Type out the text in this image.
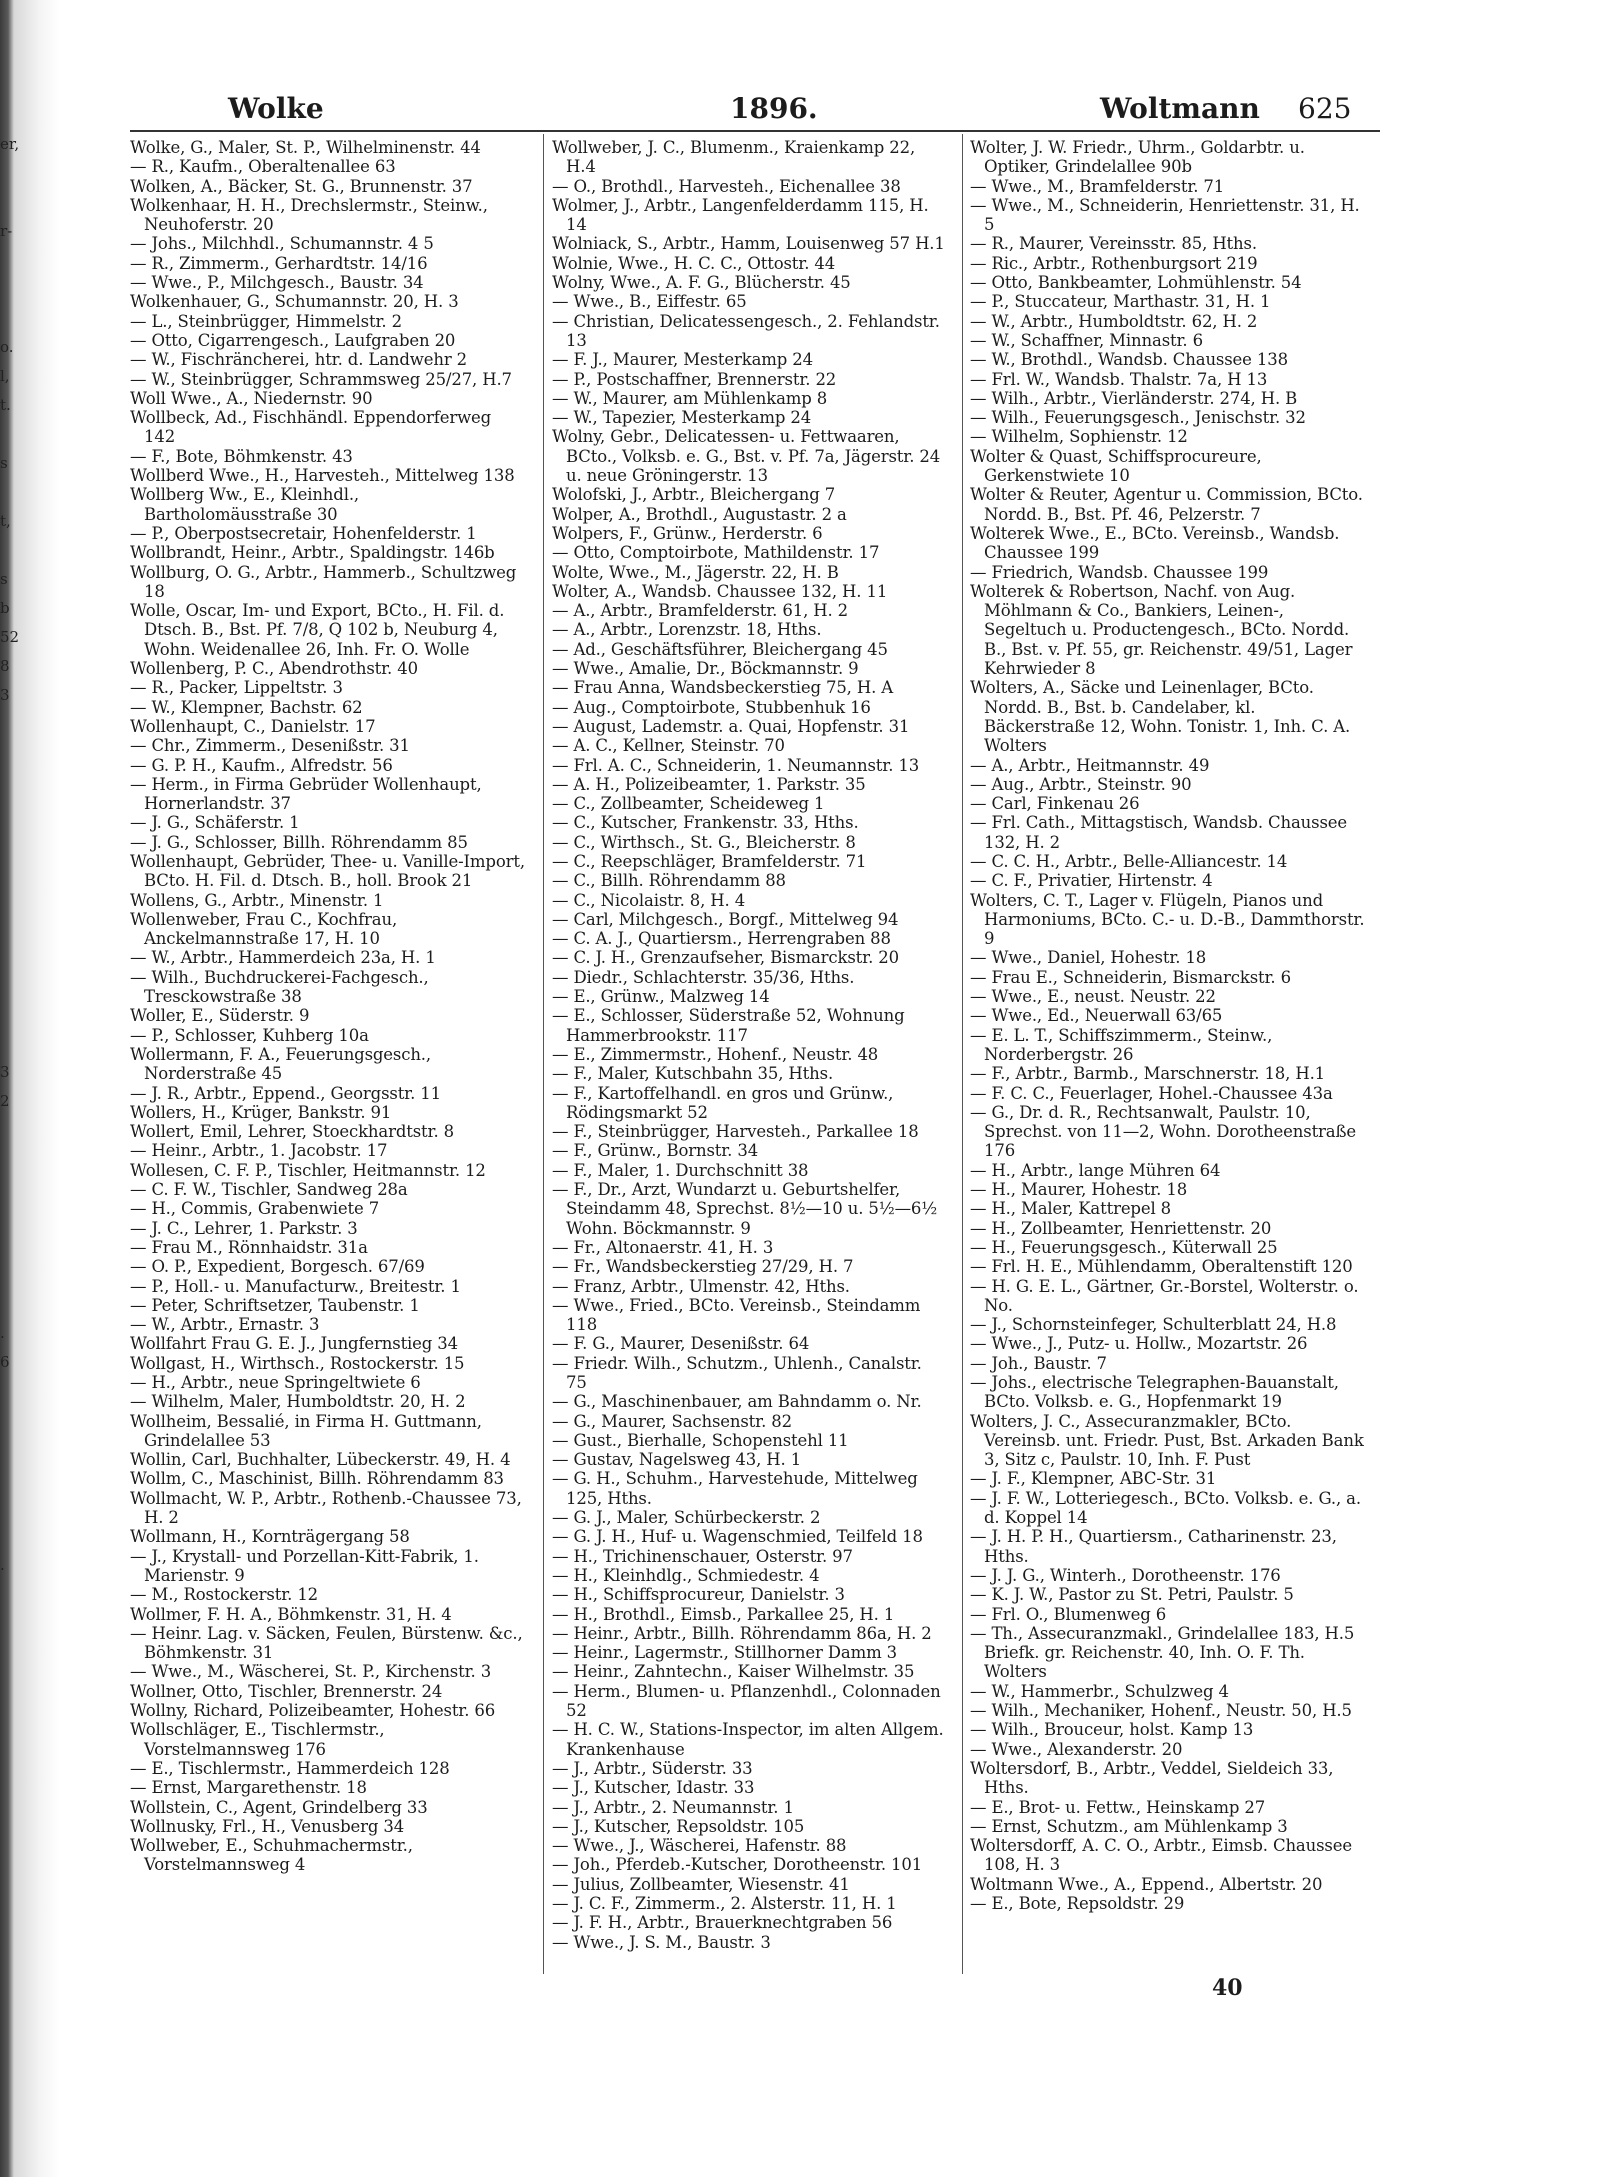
er,
r-
o.
l,
t.
s
t,
s
b
52
8
3
3
2
.
6
.
Wolke	1896.	Woltmann 625

Wolke, G., Maler, St. P., Wilhelminenstr. 44

— R., Kaufm., Oberaltenallee 63

Wolken, A., Bäcker, St. G., Brunnenstr. 37

Wolkenhaar, H. H., Drechslermstr., Steinw., Neuhoferstr. 20

— Johs., Milchhdl., Schumannstr. 4 5

— R., Zimmerm., Gerhardtstr. 14/16

— Wwe., P., Milchgesch., Baustr. 34

Wolkenhauer, G., Schumannstr. 20, H. 3

— L., Steinbrügger, Himmelstr. 2

— Otto, Cigarrengesch., Laufgraben 20

— W., Fischräncherei, htr. d. Landwehr 2

— W., Steinbrügger, Schrammsweg 25/27, H.7

Woll Wwe., A., Niedernstr. 90

Wollbeck, Ad., Fischhändl. Eppendorferweg 142

— F., Bote, Böhmkenstr. 43

Wollberd Wwe., H., Harvesteh., Mittelweg 138

Wollberg Ww., E., Kleinhdl., Bartholomäusstraße 30

— P., Oberpostsecretair, Hohenfelderstr. 1

Wollbrandt, Heinr., Arbtr., Spaldingstr. 146b

Wollburg, O. G., Arbtr., Hammerb., Schultzweg 18

Wolle, Oscar, Im- und Export, BCto., H. Fil. d. Dtsch. B., Bst. Pf. 7/8, Q 102 b, Neuburg 4, Wohn. Weidenallee 26, Inh. Fr. O. Wolle

Wollenberg, P. C., Abendrothstr. 40

— R., Packer, Lippeltstr. 3

— W., Klempner, Bachstr. 62

Wollenhaupt, C., Danielstr. 17

— Chr., Zimmerm., Desenißstr. 31

— G. P. H., Kaufm., Alfredstr. 56

— Herm., in Firma Gebrüder Wollenhaupt, Hornerlandstr. 37

— J. G., Schäferstr. 1

— J. G., Schlosser, Billh. Röhrendamm 85

Wollenhaupt, Gebrüder, Thee- u. Vanille-Import, BCto. H. Fil. d. Dtsch. B., holl. Brook 21

Wollens, G., Arbtr., Minenstr. 1

Wollenweber, Frau C., Kochfrau, Anckelmannstraße 17, H. 10

— W., Arbtr., Hammerdeich 23a, H. 1

— Wilh., Buchdruckerei-Fachgesch., Tresckowstraße 38

Woller, E., Süderstr. 9

— P., Schlosser, Kuhberg 10a

Wollermann, F. A., Feuerungsgesch., Norderstraße 45

— J. R., Arbtr., Eppend., Georgsstr. 11

Wollers, H., Krüger, Bankstr. 91

Wollert, Emil, Lehrer, Stoeckhardtstr. 8

— Heinr., Arbtr., 1. Jacobstr. 17

Wollesen, C. F. P., Tischler, Heitmannstr. 12

— C. F. W., Tischler, Sandweg 28a

— H., Commis, Grabenwiete 7

— J. C., Lehrer, 1. Parkstr. 3

— Frau M., Rönnhaidstr. 31a

— O. P., Expedient, Borgesch. 67/69

— P., Holl.- u. Manufacturw., Breitestr. 1

— Peter, Schriftsetzer, Taubenstr. 1

— W., Arbtr., Ernastr. 3

Wollfahrt Frau G. E. J., Jungfernstieg 34

Wollgast, H., Wirthsch., Rostockerstr. 15

— H., Arbtr., neue Springeltwiete 6

— Wilhelm, Maler, Humboldtstr. 20, H. 2

Wollheim, Bessalié, in Firma H. Guttmann, Grindelallee 53

Wollin, Carl, Buchhalter, Lübeckerstr. 49, H. 4

Wollm, C., Maschinist, Billh. Röhrendamm 83

Wollmacht, W. P., Arbtr., Rothenb.-Chaussee 73, H. 2

Wollmann, H., Kornträgergang 58

— J., Krystall- und Porzellan-Kitt-Fabrik, 1. Marienstr. 9

— M., Rostockerstr. 12

Wollmer, F. H. A., Böhmkenstr. 31, H. 4

— Heinr. Lag. v. Säcken, Feulen, Bürstenw. &c., Böhmkenstr. 31

— Wwe., M., Wäscherei, St. P., Kirchenstr. 3

Wollner, Otto, Tischler, Brennerstr. 24

Wollny, Richard, Polizeibeamter, Hohestr. 66

Wollschläger, E., Tischlermstr., Vorstelmannsweg 176

— E., Tischlermstr., Hammerdeich 128

— Ernst, Margarethenstr. 18

Wollstein, C., Agent, Grindelberg 33

Wollnusky, Frl., H., Venusberg 34

Wollweber, E., Schuhmachermstr., Vorstelmannsweg 4

Wollweber, J. C., Blumenm., Kraienkamp 22, H.4

— O., Brothdl., Harvesteh., Eichenallee 38

Wolmer, J., Arbtr., Langenfelderdamm 115, H. 14

Wolniack, S., Arbtr., Hamm, Louisenweg 57 H.1

Wolnie, Wwe., H. C. C., Ottostr. 44

Wolny, Wwe., A. F. G., Blücherstr. 45

— Wwe., B., Eiffestr. 65

— Christian, Delicatessengesch., 2. Fehlandstr. 13

— F. J., Maurer, Mesterkamp 24

— P., Postschaffner, Brennerstr. 22

— W., Maurer, am Mühlenkamp 8

— W., Tapezier, Mesterkamp 24

Wolny, Gebr., Delicatessen- u. Fettwaaren, BCto., Volksb. e. G., Bst. v. Pf. 7a, Jägerstr. 24 u. neue Gröningerstr. 13

Wolofski, J., Arbtr., Bleichergang 7

Wolper, A., Brothdl., Augustastr. 2 a

Wolpers, F., Grünw., Herderstr. 6

— Otto, Comptoirbote, Mathildenstr. 17

Wolte, Wwe., M., Jägerstr. 22, H. B

Wolter, A., Wandsb. Chaussee 132, H. 11

— A., Arbtr., Bramfelderstr. 61, H. 2

— A., Arbtr., Lorenzstr. 18, Hths.

— Ad., Geschäftsführer, Bleichergang 45

— Wwe., Amalie, Dr., Böckmannstr. 9

— Frau Anna, Wandsbeckerstieg 75, H. A

— Aug., Comptoirbote, Stubbenhuk 16

— August, Lademstr. a. Quai, Hopfenstr. 31

— A. C., Kellner, Steinstr. 70

— Frl. A. C., Schneiderin, 1. Neumannstr. 13

— A. H., Polizeibeamter, 1. Parkstr. 35

— C., Zollbeamter, Scheideweg 1

— C., Kutscher, Frankenstr. 33, Hths.

— C., Wirthsch., St. G., Bleicherstr. 8

— C., Reepschläger, Bramfelderstr. 71

— C., Billh. Röhrendamm 88

— C., Nicolaistr. 8, H. 4

— Carl, Milchgesch., Borgf., Mittelweg 94

— C. A. J., Quartiersm., Herrengraben 88

— C. J. H., Grenzaufseher, Bismarckstr. 20

— Diedr., Schlachterstr. 35/36, Hths.

— E., Grünw., Malzweg 14

— E., Schlosser, Süderstraße 52, Wohnung Hammerbrookstr. 117

— E., Zimmermstr., Hohenf., Neustr. 48

— F., Maler, Kutschbahn 35, Hths.

— F., Kartoffelhandl. en gros und Grünw., Rödingsmarkt 52

— F., Steinbrügger, Harvesteh., Parkallee 18

— F., Grünw., Bornstr. 34

— F., Maler, 1. Durchschnitt 38

— F., Dr., Arzt, Wundarzt u. Geburtshelfer, Steindamm 48, Sprechst. 8½—10 u. 5½—6½ Wohn. Böckmannstr. 9

— Fr., Altonaerstr. 41, H. 3

— Fr., Wandsbeckerstieg 27/29, H. 7

— Franz, Arbtr., Ulmenstr. 42, Hths.

— Wwe., Fried., BCto. Vereinsb., Steindamm 118

— F. G., Maurer, Desenißstr. 64

— Friedr. Wilh., Schutzm., Uhlenh., Canalstr. 75

— G., Maschinenbauer, am Bahndamm o. Nr.

— G., Maurer, Sachsenstr. 82

— Gust., Bierhalle, Schopenstehl 11

— Gustav, Nagelsweg 43, H. 1

— G. H., Schuhm., Harvestehude, Mittelweg 125, Hths.

— G. J., Maler, Schürbeckerstr. 2

— G. J. H., Huf- u. Wagenschmied, Teilfeld 18

— H., Trichinenschauer, Osterstr. 97

— H., Kleinhdlg., Schmiedestr. 4

— H., Schiffsprocureur, Danielstr. 3

— H., Brothdl., Eimsb., Parkallee 25, H. 1

— Heinr., Arbtr., Billh. Röhrendamm 86a, H. 2

— Heinr., Lagermstr., Stillhorner Damm 3

— Heinr., Zahntechn., Kaiser Wilhelmstr. 35

— Herm., Blumen- u. Pflanzenhdl., Colonnaden 52

— H. C. W., Stations-Inspector, im alten Allgem. Krankenhause

— J., Arbtr., Süderstr. 33

— J., Kutscher, Idastr. 33

— J., Arbtr., 2. Neumannstr. 1

— J., Kutscher, Repsoldstr. 105

— Wwe., J., Wäscherei, Hafenstr. 88

— Joh., Pferdeb.-Kutscher, Dorotheenstr. 101

— Julius, Zollbeamter, Wiesenstr. 41

— J. C. F., Zimmerm., 2. Alsterstr. 11, H. 1

— J. F. H., Arbtr., Brauerknechtgraben 56

— Wwe., J. S. M., Baustr. 3

Wolter, J. W. Friedr., Uhrm., Goldarbtr. u. Optiker, Grindelallee 90b

— Wwe., M., Bramfelderstr. 71

— Wwe., M., Schneiderin, Henriettenstr. 31, H. 5

— R., Maurer, Vereinsstr. 85, Hths.

— Ric., Arbtr., Rothenburgsort 219

— Otto, Bankbeamter, Lohmühlenstr. 54

— P., Stuccateur, Marthastr. 31, H. 1

— W., Arbtr., Humboldtstr. 62, H. 2

— W., Schaffner, Minnastr. 6

— W., Brothdl., Wandsb. Chaussee 138

— Frl. W., Wandsb. Thalstr. 7a, H 13

— Wilh., Arbtr., Vierländerstr. 274, H. B

— Wilh., Feuerungsgesch., Jenischstr. 32

— Wilhelm, Sophienstr. 12

Wolter & Quast, Schiffsprocureure, Gerkenstwiete 10

Wolter & Reuter, Agentur u. Commission, BCto. Nordd. B., Bst. Pf. 46, Pelzerstr. 7

Wolterek Wwe., E., BCto. Vereinsb., Wandsb. Chaussee 199

— Friedrich, Wandsb. Chaussee 199

Wolterek & Robertson, Nachf. von Aug. Möhlmann & Co., Bankiers, Leinen-, Segeltuch u. Productengesch., BCto. Nordd. B., Bst. v. Pf. 55, gr. Reichenstr. 49/51, Lager Kehrwieder 8

Wolters, A., Säcke und Leinenlager, BCto. Nordd. B., Bst. b. Candelaber, kl. Bäckerstraße 12, Wohn. Tonistr. 1, Inh. C. A. Wolters

— A., Arbtr., Heitmannstr. 49

— Aug., Arbtr., Steinstr. 90

— Carl, Finkenau 26

— Frl. Cath., Mittagstisch, Wandsb. Chaussee 132, H. 2

— C. C. H., Arbtr., Belle-Alliancestr. 14

— C. F., Privatier, Hirtenstr. 4

Wolters, C. T., Lager v. Flügeln, Pianos und Harmoniums, BCto. C.- u. D.-B., Dammthorstr. 9

— Wwe., Daniel, Hohestr. 18

— Frau E., Schneiderin, Bismarckstr. 6

— Wwe., E., neust. Neustr. 22

— Wwe., Ed., Neuerwall 63/65

— E. L. T., Schiffszimmerm., Steinw., Norderbergstr. 26

— F., Arbtr., Barmb., Marschnerstr. 18, H.1

— F. C. C., Feuerlager, Hohel.-Chaussee 43a

— G., Dr. d. R., Rechtsanwalt, Paulstr. 10, Sprechst. von 11—2, Wohn. Dorotheenstraße 176

— H., Arbtr., lange Mühren 64

— H., Maurer, Hohestr. 18

— H., Maler, Kattrepel 8

— H., Zollbeamter, Henriettenstr. 20

— H., Feuerungsgesch., Küterwall 25

— Frl. H. E., Mühlendamm, Oberaltenstift 120

— H. G. E. L., Gärtner, Gr.-Borstel, Wolterstr. o. No.

— J., Schornsteinfeger, Schulterblatt 24, H.8

— Wwe., J., Putz- u. Hollw., Mozartstr. 26

— Joh., Baustr. 7

— Johs., electrische Telegraphen-Bauanstalt, BCto. Volksb. e. G., Hopfenmarkt 19

Wolters, J. C., Assecuranzmakler, BCto. Vereinsb. unt. Friedr. Pust, Bst. Arkaden Bank 3, Sitz c, Paulstr. 10, Inh. F. Pust

— J. F., Klempner, ABC-Str. 31

— J. F. W., Lotteriegesch., BCto. Volksb. e. G., a. d. Koppel 14

— J. H. P. H., Quartiersm., Catharinenstr. 23, Hths.

— J. J. G., Winterh., Dorotheenstr. 176

— K. J. W., Pastor zu St. Petri, Paulstr. 5

— Frl. O., Blumenweg 6

— Th., Assecuranzmakl., Grindelallee 183, H.5 Briefk. gr. Reichenstr. 40, Inh. O. F. Th. Wolters

— W., Hammerbr., Schulzweg 4

— Wilh., Mechaniker, Hohenf., Neustr. 50, H.5

— Wilh., Brouceur, holst. Kamp 13

— Wwe., Alexanderstr. 20

Woltersdorf, B., Arbtr., Veddel, Sieldeich 33, Hths.

— E., Brot- u. Fettw., Heinskamp 27

— Ernst, Schutzm., am Mühlenkamp 3

Woltersdorff, A. C. O., Arbtr., Eimsb. Chaussee 108, H. 3

Woltmann Wwe., A., Eppend., Albertstr. 20

— E., Bote, Repsoldstr. 29

40
